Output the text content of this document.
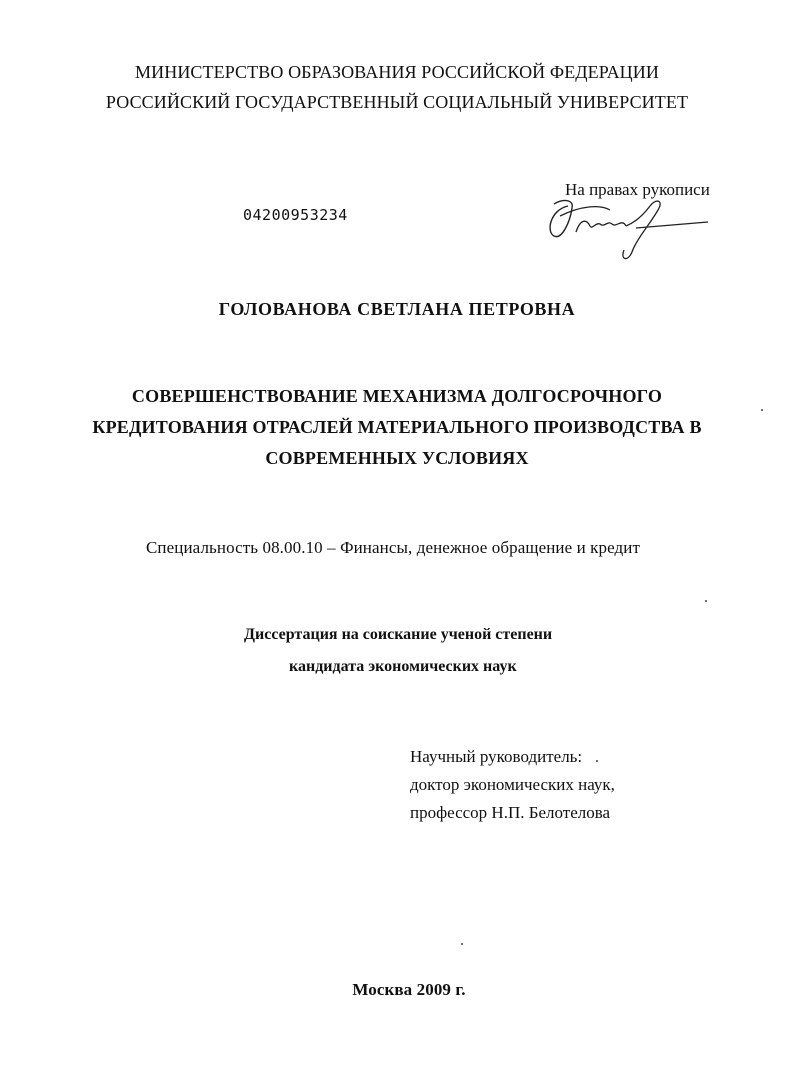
МИНИСТЕРСТВО ОБРАЗОВАНИЯ РОССИЙСКОЙ ФЕДЕРАЦИИ
РОССИЙСКИЙ ГОСУДАРСТВЕННЫЙ СОЦИАЛЬНЫЙ УНИВЕРСИТЕТ
04200953234
На правах рукописи
ГОЛОВАНОВА СВЕТЛАНА ПЕТРОВНА
СОВЕРШЕНСТВОВАНИЕ МЕХАНИЗМА ДОЛГОСРОЧНОГО
КРЕДИТОВАНИЯ ОТРАСЛЕЙ МАТЕРИАЛЬНОГО ПРОИЗВОДСТВА В
СОВРЕМЕННЫХ УСЛОВИЯХ
Специальность 08.00.10 – Финансы, денежное обращение и кредит
Диссертация на соискание ученой степени
кандидата экономических наук
Научный руководитель:
доктор экономических наук,
профессор Н.П. Белотелова
Москва 2009 г.
